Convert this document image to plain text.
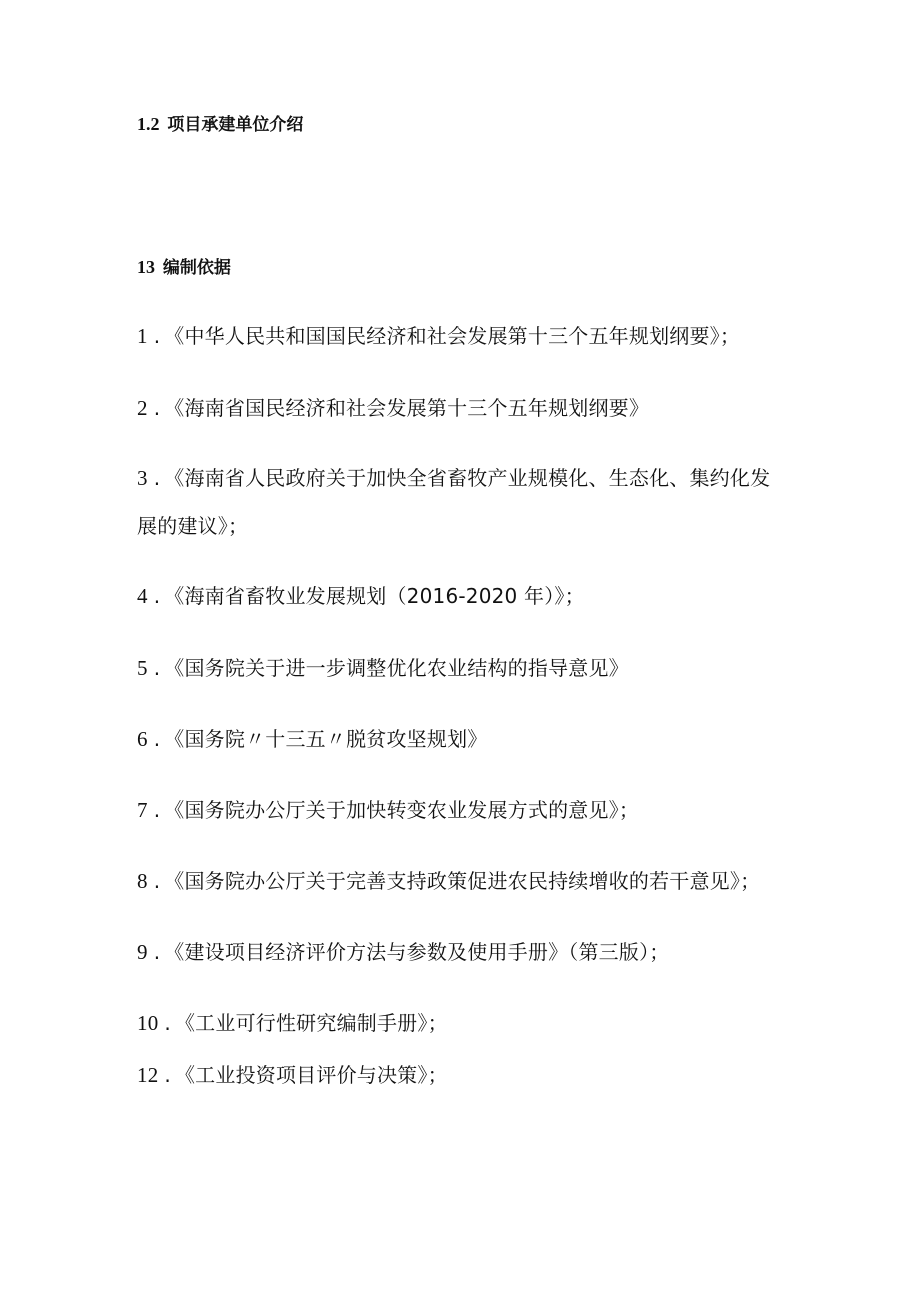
1.2 项目承建单位介绍
13 编制依据
1 . 《中华人民共和国国民经济和社会发展第十三个五年规划纲要》；
2 . 《海南省国民经济和社会发展第十三个五年规划纲要》
3 . 《海南省人民政府关于加快全省畜牧产业规模化、生态化、集约化发
展的建议》；
4 . 《海南省畜牧业发展规划（2016-2020 年）》；
5 . 《国务院关于进一步调整优化农业结构的指导意见》
6 . 《国务院〃十三五〃脱贫攻坚规划》
7 . 《国务院办公厅关于加快转变农业发展方式的意见》；
8 . 《国务院办公厅关于完善支持政策促进农民持续增收的若干意见》；
9 . 《建设项目经济评价方法与参数及使用手册》（第三版）；
10 . 《工业可行性研究编制手册》；
12 . 《工业投资项目评价与决策》；
